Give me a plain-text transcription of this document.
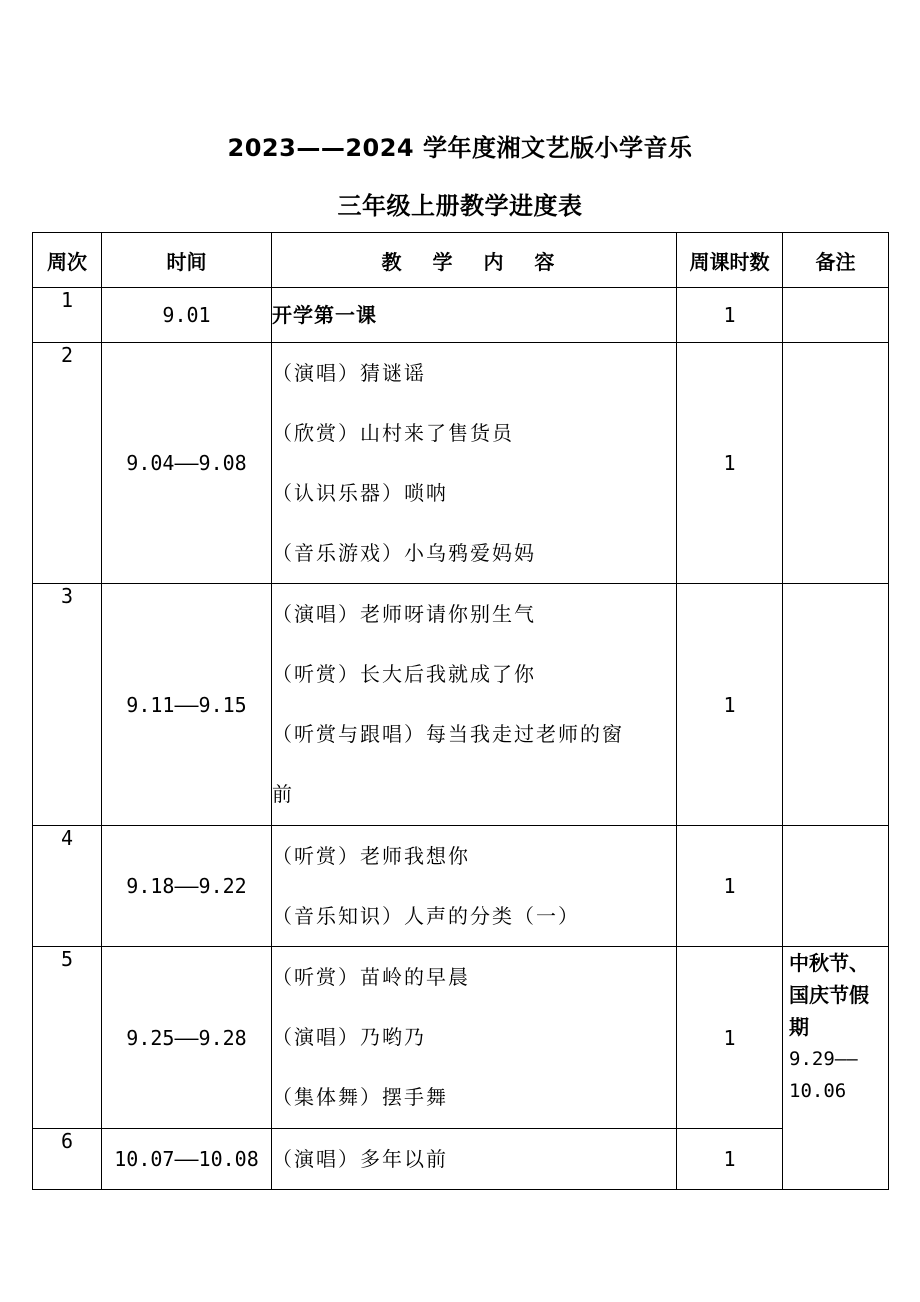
2023——2024 学年度湘文艺版小学音乐
三年级上册教学进度表
周次	时间	教 学 内 容	周课时数	备注
1	9.01	开学第一课	1	
2	9.04——9.08	（演唱）猜谜谣
（欣赏）山村来了售货员
（认识乐器）唢呐
（音乐游戏）小乌鸦爱妈妈	1	
3	9.11——9.15	（演唱）老师呀请你别生气
（听赏）长大后我就成了你
（听赏与跟唱）每当我走过老师的窗
前	1	
4	9.18——9.22	（听赏）老师我想你
（音乐知识）人声的分类（一）	1	
5	9.25——9.28	（听赏）苗岭的早晨
（演唱）乃哟乃
（集体舞）摆手舞	1	中秋节、
国庆节假
期
9.29——
10.06

6	10.07——10.08	（演唱）多年以前	1	
